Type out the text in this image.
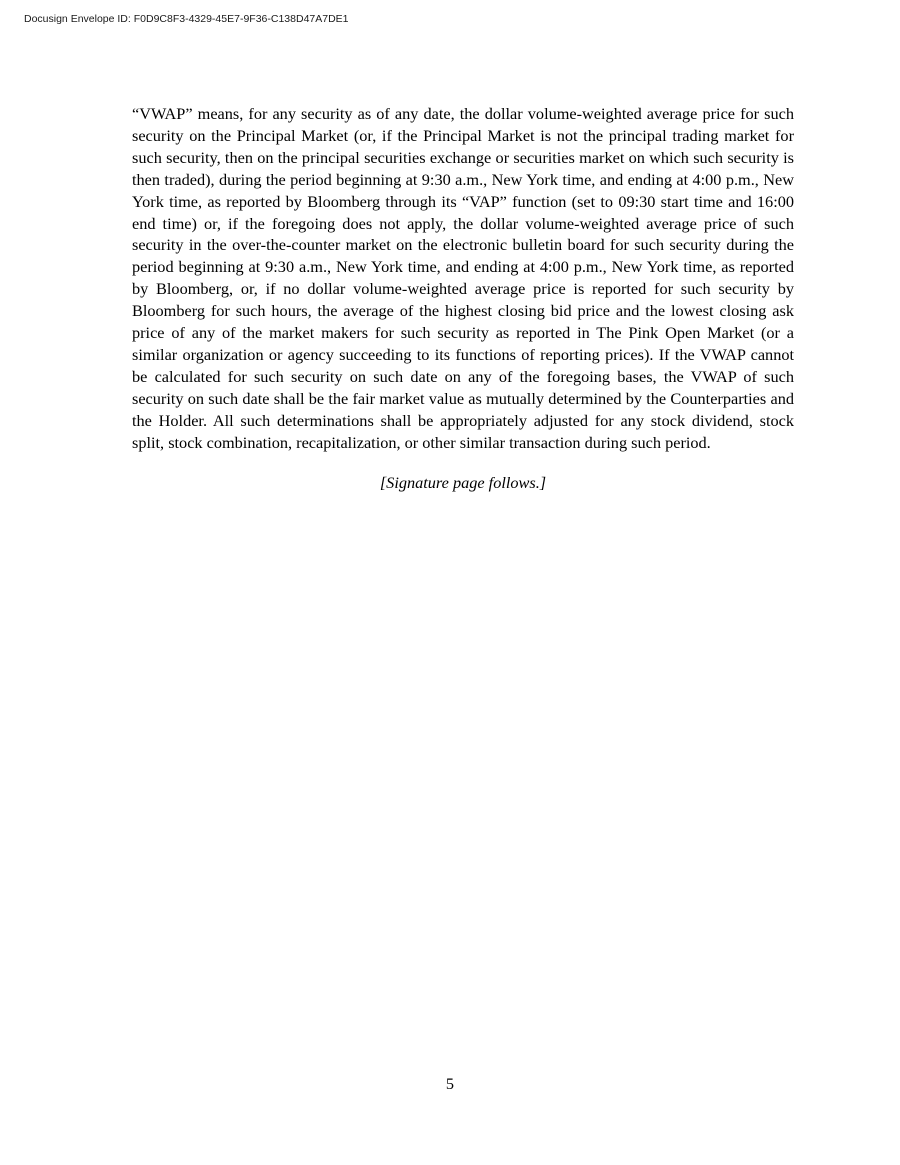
Docusign Envelope ID: F0D9C8F3-4329-45E7-9F36-C138D47A7DE1

“VWAP” means, for any security as of any date, the dollar volume-weighted average price for such security on the Principal Market (or, if the Principal Market is not the principal trading market for such security, then on the principal securities exchange or securities market on which such security is then traded), during the period beginning at 9:30 a.m., New York time, and ending at 4:00 p.m., New York time, as reported by Bloomberg through its “VAP” function (set to 09:30 start time and 16:00 end time) or, if the foregoing does not apply, the dollar volume-weighted average price of such security in the over-the-counter market on the electronic bulletin board for such security during the period beginning at 9:30 a.m., New York time, and ending at 4:00 p.m., New York time, as reported by Bloomberg, or, if no dollar volume-weighted average price is reported for such security by Bloomberg for such hours, the average of the highest closing bid price and the lowest closing ask price of any of the market makers for such security as reported in The Pink Open Market (or a similar organization or agency succeeding to its functions of reporting prices). If the VWAP cannot be calculated for such security on such date on any of the foregoing bases, the VWAP of such security on such date shall be the fair market value as mutually determined by the Counterparties and the Holder. All such determinations shall be appropriately adjusted for any stock dividend, stock split, stock combination, recapitalization, or other similar transaction during such period.

[Signature page follows.]

5
